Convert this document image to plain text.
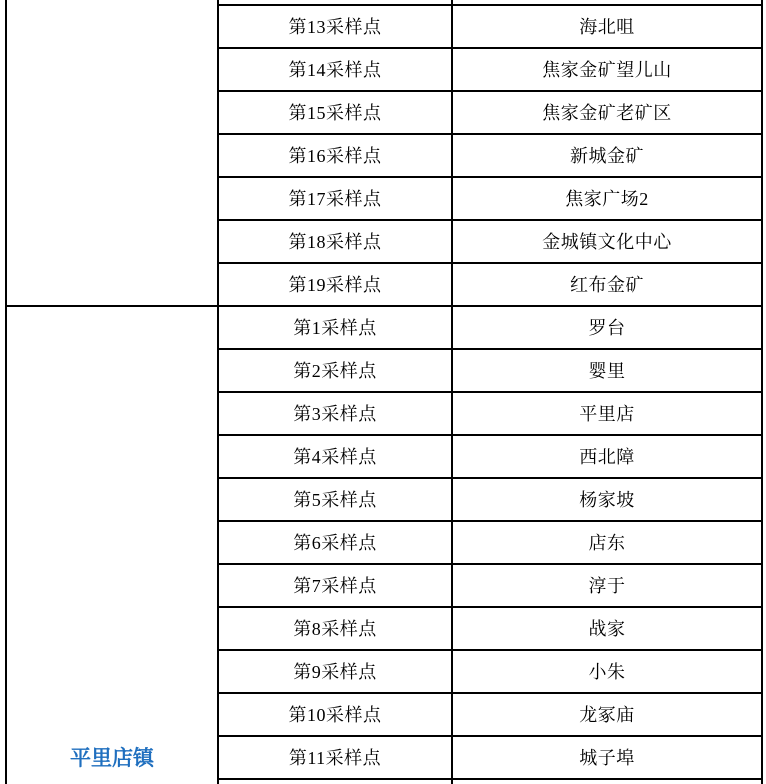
第13采样点	海北咀
第14采样点	焦家金矿望儿山
第15采样点	焦家金矿老矿区
第16采样点	新城金矿
第17采样点	焦家广场2
第18采样点	金城镇文化中心
第19采样点	红布金矿
平里店镇
第1采样点	罗台
第2采样点	婴里
第3采样点	平里店
第4采样点	西北障
第5采样点	杨家坡
第6采样点	店东
第7采样点	淳于
第8采样点	战家
第9采样点	小朱
第10采样点	龙冢庙
第11采样点	城子埠
